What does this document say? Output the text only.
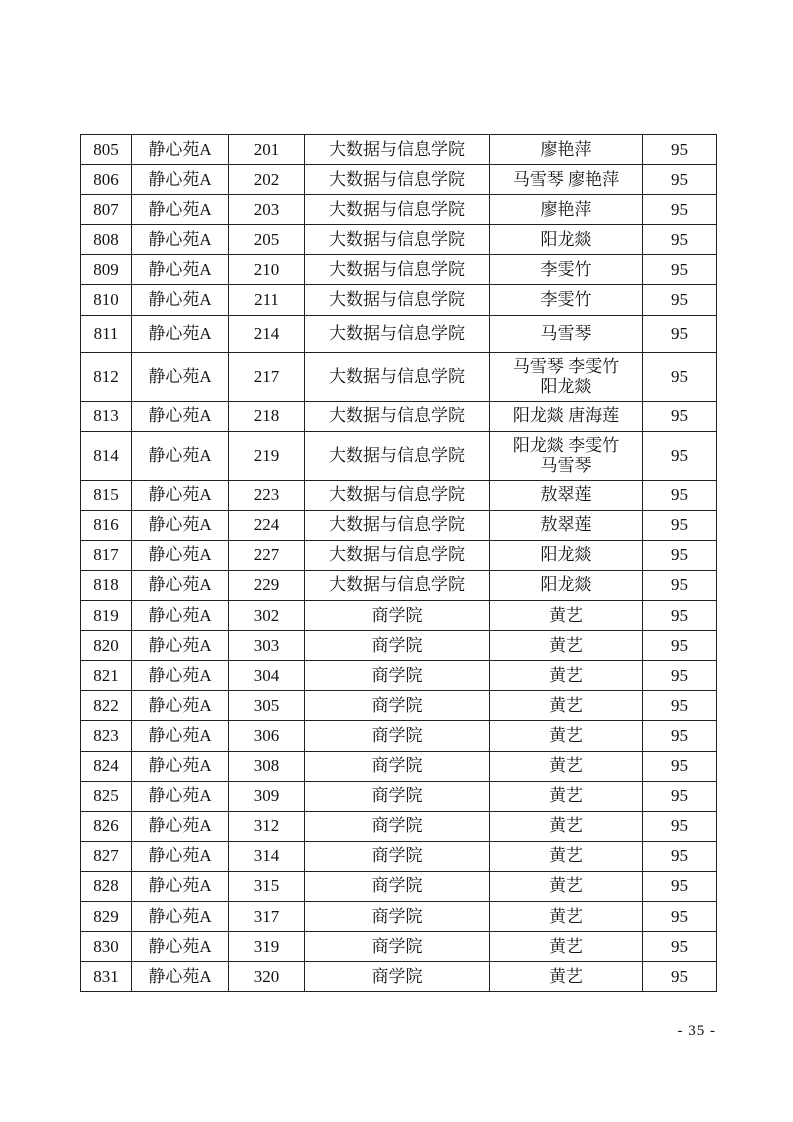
805	静心苑A	201	大数据与信息学院	廖艳萍	95
806	静心苑A	202	大数据与信息学院	马雪琴 廖艳萍	95
807	静心苑A	203	大数据与信息学院	廖艳萍	95
808	静心苑A	205	大数据与信息学院	阳龙燚	95
809	静心苑A	210	大数据与信息学院	李雯竹	95
810	静心苑A	211	大数据与信息学院	李雯竹	95
811	静心苑A	214	大数据与信息学院	马雪琴	95
812	静心苑A	217	大数据与信息学院	马雪琴 李雯竹
阳龙燚	95
813	静心苑A	218	大数据与信息学院	阳龙燚 唐海莲	95
814	静心苑A	219	大数据与信息学院	阳龙燚 李雯竹
马雪琴	95
815	静心苑A	223	大数据与信息学院	敖翠莲	95
816	静心苑A	224	大数据与信息学院	敖翠莲	95
817	静心苑A	227	大数据与信息学院	阳龙燚	95
818	静心苑A	229	大数据与信息学院	阳龙燚	95
819	静心苑A	302	商学院	黄艺	95
820	静心苑A	303	商学院	黄艺	95
821	静心苑A	304	商学院	黄艺	95
822	静心苑A	305	商学院	黄艺	95
823	静心苑A	306	商学院	黄艺	95
824	静心苑A	308	商学院	黄艺	95
825	静心苑A	309	商学院	黄艺	95
826	静心苑A	312	商学院	黄艺	95
827	静心苑A	314	商学院	黄艺	95
828	静心苑A	315	商学院	黄艺	95
829	静心苑A	317	商学院	黄艺	95
830	静心苑A	319	商学院	黄艺	95
831	静心苑A	320	商学院	黄艺	95
- 35 -
